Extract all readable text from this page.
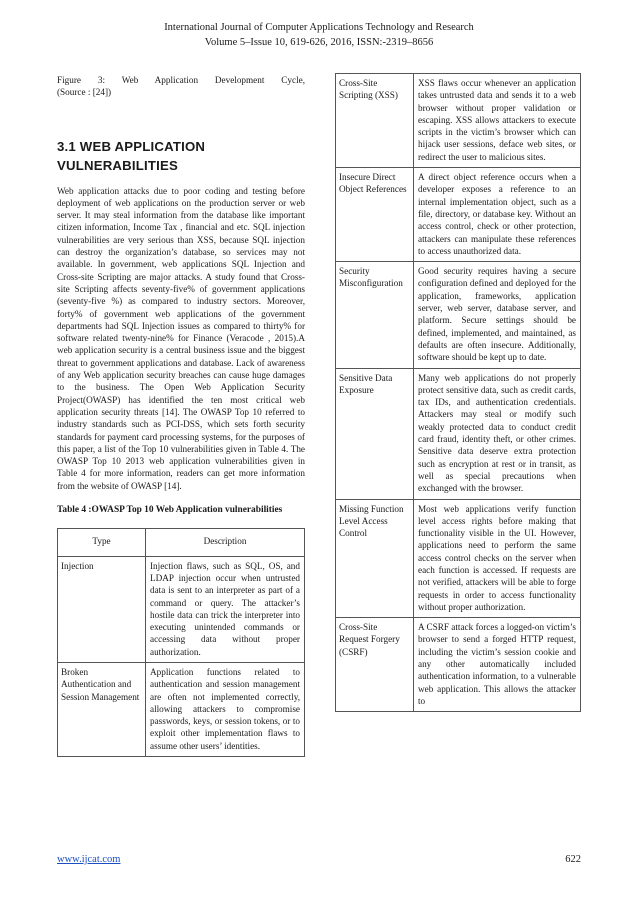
International Journal of Computer Applications Technology and Research
Volume 5–Issue 10, 619-626, 2016, ISSN:-2319–8656
Figure 3: Web Application Development Cycle,
(Source : [24])
3.1 WEB APPLICATION
VULNERABILITIES

Web application attacks due to poor coding and testing before deployment of web applications on the production server or web server. It may steal information from the database like important citizen information, Income Tax , financial and etc. SQL injection vulnerabilities are very serious than XSS, because SQL injection can destroy the organization’s database, so services may not available. In government, web applications SQL Injection and Cross-site Scripting are major attacks. A study found that Cross-site Scripting affects seventy-five% of government applications (seventy-five %) as compared to industry sectors. Moreover, forty% of government web applications of the government departments had SQL Injection issues as compared to thirty% for software related twenty-nine% for Finance (Veracode , 2015).A web application security is a central business issue and the biggest threat to government applications and database. Lack of awareness of any Web application security breaches can cause huge damages to the business. The Open Web Application Security Project(OWASP) has identified the ten most critical web application security threats [14]. The OWASP Top 10 referred to industry standards such as PCI-DSS, which sets forth security standards for payment card processing systems, for the purposes of this paper, a list of the Top 10 vulnerabilities given in Table 4. The OWASP Top 10 2013 web application vulnerabilities given in Table 4 for more information, readers can get more information from the website of OWASP [14].

Table 4 :OWASP Top 10 Web Application vulnerabilities
Type	Description
Injection	Injection flaws, such as SQL, OS, and LDAP injection occur when untrusted data is sent to an interpreter as part of a command or query. The attacker’s hostile data can trick the interpreter into executing unintended commands or accessing data without proper authorization.
Broken Authentication and Session Management	Application functions related to authentication and session management are often not implemented correctly, allowing attackers to compromise passwords, keys, or session tokens, or to exploit other implementation flaws to assume other users’ identities.
Cross-Site Scripting (XSS)	XSS flaws occur whenever an application takes untrusted data and sends it to a web browser without proper validation or escaping. XSS allows attackers to execute scripts in the victim’s browser which can hijack user sessions, deface web sites, or redirect the user to malicious sites.
Insecure Direct Object References	A direct object reference occurs when a developer exposes a reference to an internal implementation object, such as a file, directory, or database key. Without an access control, check or other protection, attackers can manipulate these references to access unauthorized data.
Security Misconfiguration	Good security requires having a secure configuration defined and deployed for the application, frameworks, application server, web server, database server, and platform. Secure settings should be defined, implemented, and maintained, as defaults are often insecure. Additionally, software should be kept up to date.
Sensitive Data Exposure	Many web applications do not properly protect sensitive data, such as credit cards, tax IDs, and authentication credentials. Attackers may steal or modify such weakly protected data to conduct credit card fraud, identity theft, or other crimes. Sensitive data deserve extra protection such as encryption at rest or in transit, as well as special precautions when exchanged with the browser.
Missing Function Level Access Control	Most web applications verify function level access rights before making that functionality visible in the UI. However, applications need to perform the same access control checks on the server when each function is accessed. If requests are not verified, attackers will be able to forge requests in order to access functionality without proper authorization.
Cross-Site Request Forgery (CSRF)	A CSRF attack forces a logged-on victim’s browser to send a forged HTTP request, including the victim’s session cookie and any other automatically included authentication information, to a vulnerable web application. This allows the attacker to
www.ijcat.com	622
